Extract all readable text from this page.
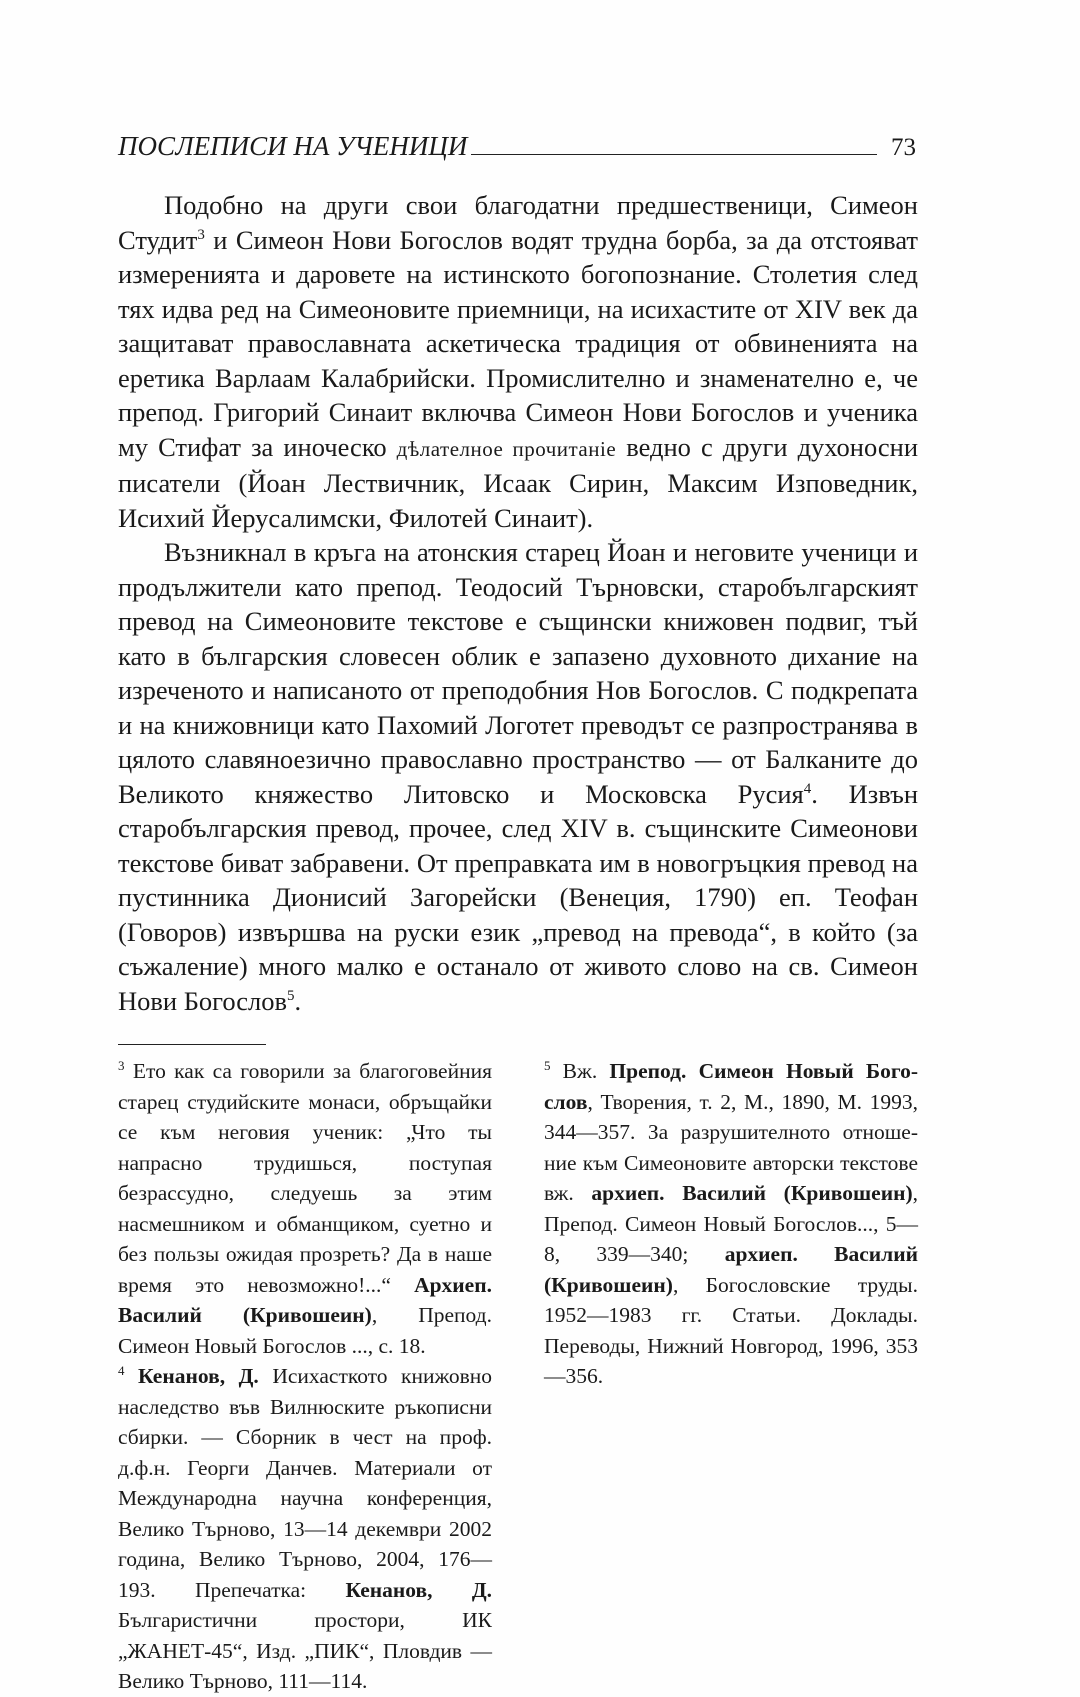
ПОСЛЕПИСИ НА УЧЕНИЦИ	73

Подобно на други свои благодатни предшественици, Симеон Студит$^3$ и Симеон Нови Богослов водят трудна борба, за да отстояват измеренията и даровете на истинското богопознание. Столетия след тях идва ред на Симеоновите приемници, на исихастите от XIV век да защитават православната аскетическа традиция от обвиненията на еретика Варлаам Калабрийски. Промислително и знаменателно е, че препод. Григорий Синаит включва Симеон Нови Богослов и ученика му Стифат за иноческо дѣлателное прочитаніе ведно с други духоносни писатели (Йоан Лествичник, Исаак Сирин, Максим Изповедник, Исихий Йерусалимски, Филотей Синаит).

Възникнал в кръга на атонския старец Йоан и неговите ученици и продължители като препод. Теодосий Търновски, старобългарският превод на Симеоновите текстове е същински книжовен подвиг, тъй като в българския словесен облик е запазено духовното дихание на изреченото и написаното от преподобния Нов Богослов. С подкрепата и на книжовници като Пахомий Логотет преводът се разпространява в цялото славяноезично православно пространство — от Балканите до Великото княжество Литовско и Московска Русия$^4$. Извън старобългарския превод, прочее, след XIV в. същинските Симеонови текстове биват забравени. От преправката им в новогръцкия превод на пустинника Дионисий Загорейски (Венеция, 1790) еп. Теофан (Говоров) извършва на руски език „превод на превода“, в който (за съжаление) много малко е останало от живото слово на св. Симеон Нови Богослов$^5$.

$^3$ Ето как са говорили за благоговейния старец студийските монаси, обръщайки се към неговия ученик: „Что ты напрасно трудишься, поступая безрассудно, следуешь за этим насмешником и обманщиком, суетно и без пользы ожидая прозреть? Да в наше время это невозможно!...“ Архиеп. Василий (Кривошеин), Препод. Симеон Новый Богослов ..., с. 18.

$^4$ Кенанов, Д. Исихасткото книжовно наследство във Вилнюските ръкописни сбирки. — Сборник в чест на проф. д.ф.н. Георги Данчев. Материали от Международна научна конференция, Велико Търново, 13—14 декември 2002 година, Велико Търново, 2004, 176—193. Препечатка: Кенанов, Д. Българистични простори, ИК „ЖАНЕТ-45“, Изд. „ПИК“, Пловдив — Велико Търново, 111—114.

$^5$ Вж. Препод. Симеон Новый Богослов, Творения, т. 2, М., 1890, М. 1993, 344—357. За разрушителното отношение към Симеоновите авторски текстове вж. архиеп. Василий (Кривошеин), Препод. Симеон Новый Богослов..., 5—8, 339—340; архиеп. Василий (Кривошеин), Богословские труды. 1952—1983 гг. Статьи. Доклады. Переводы, Нижний Новгород, 1996, 353—356.
